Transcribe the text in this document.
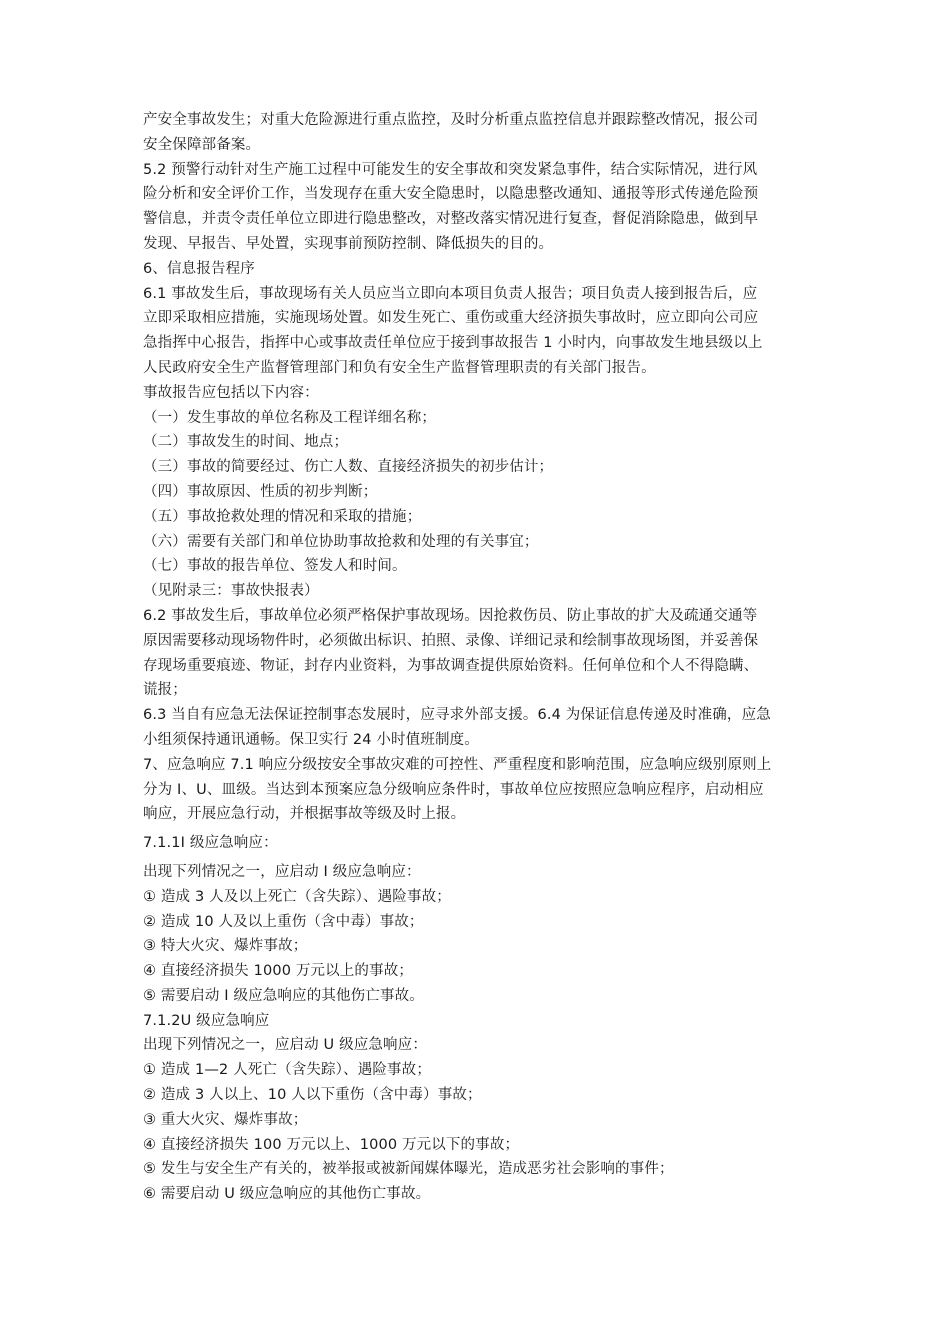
产安全事故发生；对重大危险源进行重点监控，及时分析重点监控信息并跟踪整改情况，报公司
安全保障部备案。
5.2 预警行动针对生产施工过程中可能发生的安全事故和突发紧急事件，结合实际情况，进行风
险分析和安全评价工作，当发现存在重大安全隐患时，以隐患整改通知、通报等形式传递危险预
警信息，并责令责任单位立即进行隐患整改，对整改落实情况进行复查，督促消除隐患，做到早
发现、早报告、早处置，实现事前预防控制、降低损失的目的。
6、信息报告程序
6.1 事故发生后，事故现场有关人员应当立即向本项目负责人报告；项目负责人接到报告后，应
立即采取相应措施，实施现场处置。如发生死亡、重伤或重大经济损失事故时，应立即向公司应
急指挥中心报告，指挥中心或事故责任单位应于接到事故报告 1 小时内，向事故发生地县级以上
人民政府安全生产监督管理部门和负有安全生产监督管理职责的有关部门报告。
事故报告应包括以下内容：
（一）发生事故的单位名称及工程详细名称；
（二）事故发生的时间、地点；
（三）事故的简要经过、伤亡人数、直接经济损失的初步估计；
（四）事故原因、性质的初步判断；
（五）事故抢救处理的情况和采取的措施；
（六）需要有关部门和单位协助事故抢救和处理的有关事宜；
（七）事故的报告单位、签发人和时间。
（见附录三：事故快报表）
6.2 事故发生后，事故单位必须严格保护事故现场。因抢救伤员、防止事故的扩大及疏通交通等
原因需要移动现场物件时，必须做出标识、拍照、录像、详细记录和绘制事故现场图，并妥善保
存现场重要痕迹、物证，封存内业资料，为事故调查提供原始资料。任何单位和个人不得隐瞒、
谎报；
6.3 当自有应急无法保证控制事态发展时，应寻求外部支援。6.4 为保证信息传递及时准确，应急
小组须保持通讯通畅。保卫实行 24 小时值班制度。
7、应急响应 7.1 响应分级按安全事故灾难的可控性、严重程度和影响范围，应急响应级别原则上
分为 I、U、皿级。当达到本预案应急分级响应条件时，事故单位应按照应急响应程序，启动相应
响应，开展应急行动，并根据事故等级及时上报。
7.1.1I 级应急响应：
出现下列情况之一，应启动 I 级应急响应：
① 造成 3 人及以上死亡（含失踪）、遇险事故；
② 造成 10 人及以上重伤（含中毒）事故；
③ 特大火灾、爆炸事故；
④ 直接经济损失 1000 万元以上的事故；
⑤ 需要启动 I 级应急响应的其他伤亡事故。
7.1.2U 级应急响应
出现下列情况之一，应启动 U 级应急响应：
① 造成 1—2 人死亡（含失踪）、遇险事故；
② 造成 3 人以上、10 人以下重伤（含中毒）事故；
③ 重大火灾、爆炸事故；
④ 直接经济损失 100 万元以上、1000 万元以下的事故；
⑤ 发生与安全生产有关的，被举报或被新闻媒体曝光，造成恶劣社会影响的事件；
⑥ 需要启动 U 级应急响应的其他伤亡事故。
